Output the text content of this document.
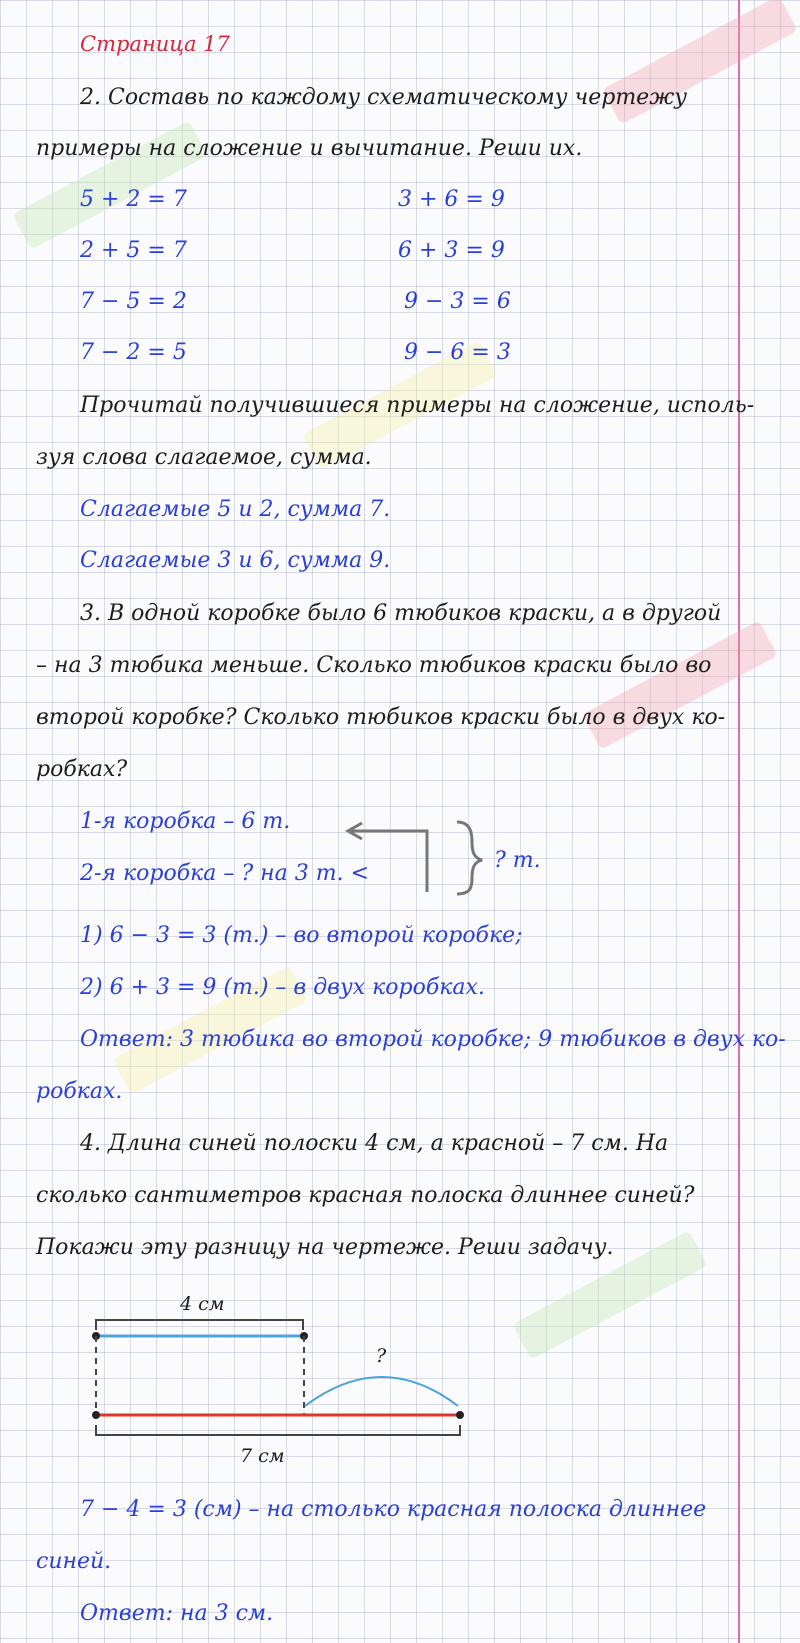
Страница 17
2. Составь по каждому схематическому чертежу
примеры на сложение и вычитание. Реши их.
5 + 2 = 7
2 + 5 = 7
7 − 5 = 2
7 − 2 = 5
3 + 6 = 9
6 + 3 = 9
9 − 3 = 6
9 − 6 = 3
Прочитай получившиеся примеры на сложение, исполь-
зуя слова слагаемое, сумма.
Слагаемые 5 и 2, сумма 7.
Слагаемые 3 и 6, сумма 9.
3. В одной коробке было 6 тюбиков краски, а в другой
– на 3 тюбика меньше. Сколько тюбиков краски было во
второй коробке? Сколько тюбиков краски было в двух ко-
робках?
1-я коробка – 6 т.
2-я коробка – ? на 3 т. <
? т.
1) 6 − 3 = 3 (т.) – во второй коробке;
2) 6 + 3 = 9 (т.) – в двух коробках.
Ответ: 3 тюбика во второй коробке; 9 тюбиков в двух ко-
робках.
4. Длина синей полоски 4 см, а красной – 7 см. На
сколько сантиметров красная полоска длиннее синей?
Покажи эту разницу на чертеже. Реши задачу.
4 см
?
7 см
7 − 4 = 3 (см) – на столько красная полоска длиннее
синей.
Ответ: на 3 см.
